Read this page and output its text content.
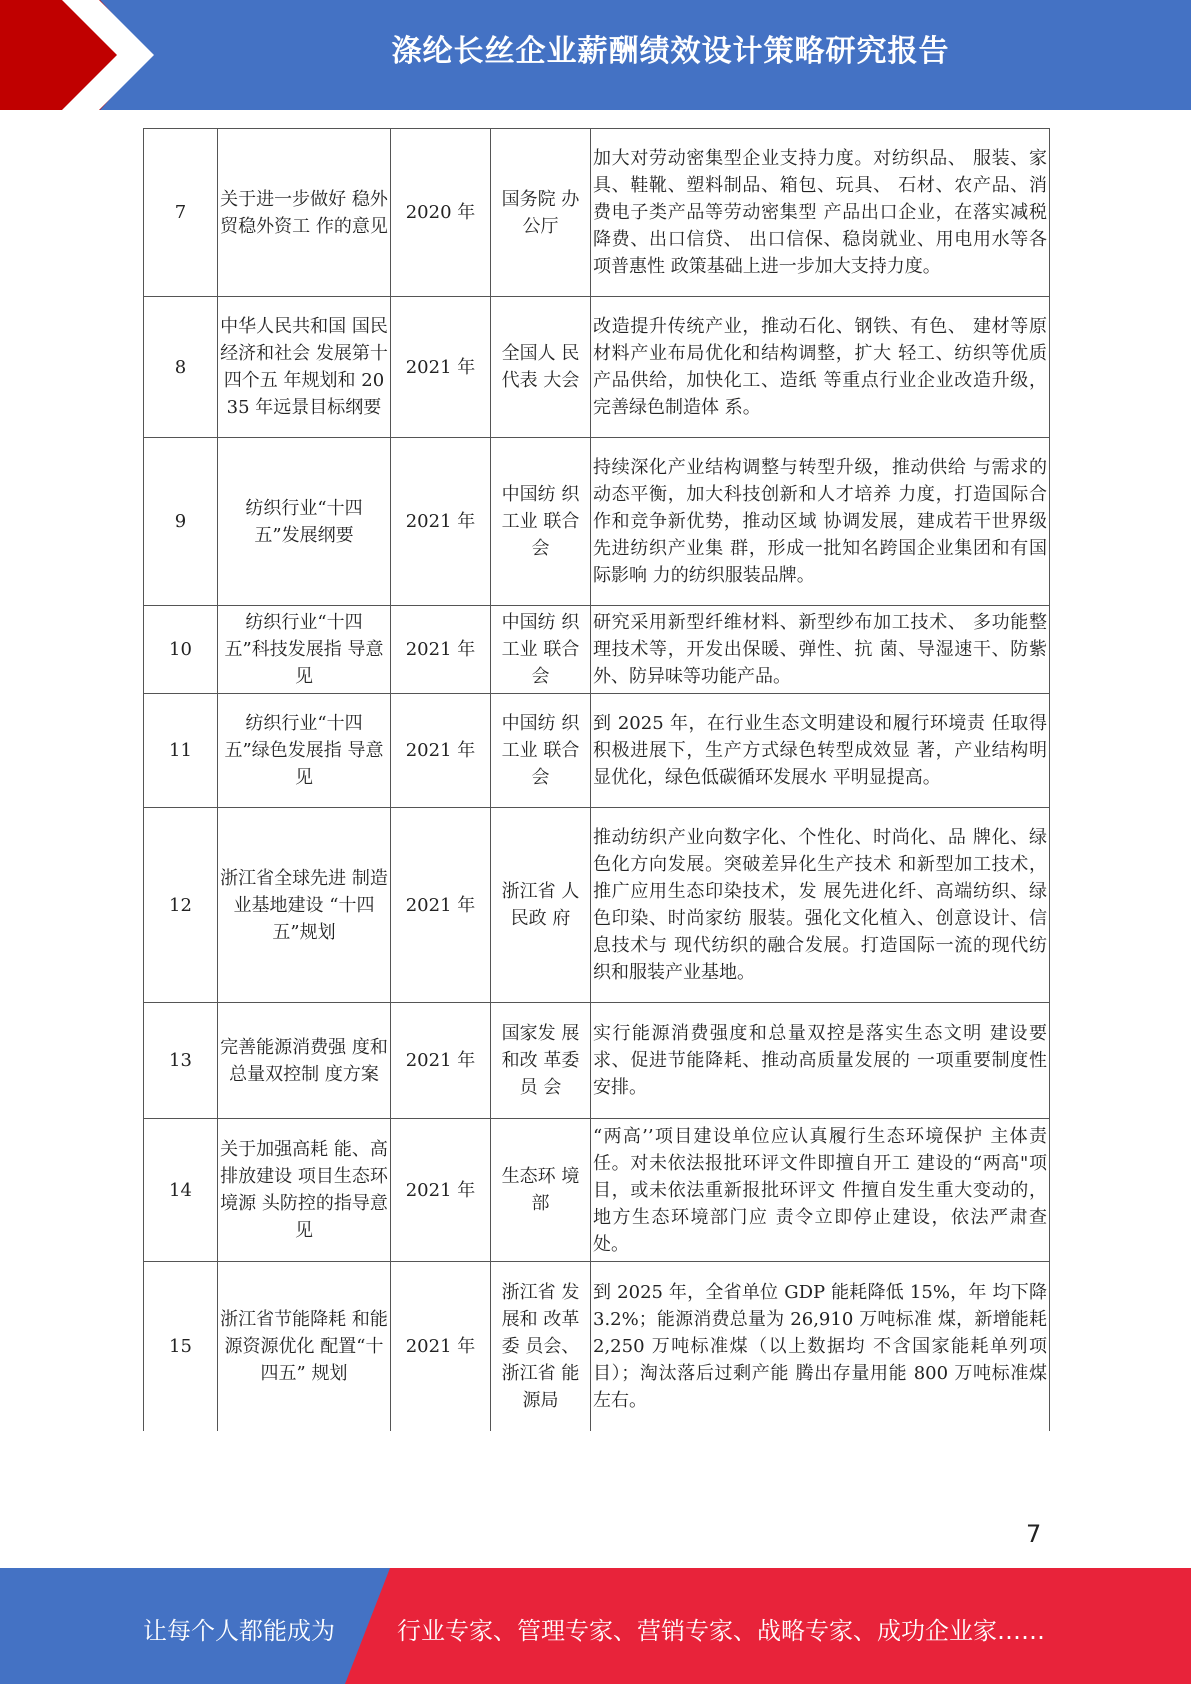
涤纶长丝企业薪酬绩效设计策略研究报告
7	关于进一步做好 稳外贸稳外资工 作的意见	2020 年	国务院 办公厅	加大对劳动密集型企业支持力度。对纺织品、 服装、家具、鞋靴、塑料制品、箱包、玩具、 石材、农产品、消费电子类产品等劳动密集型 产品出口企业，在落实减税降费、出口信贷、 出口信保、稳岗就业、用电用水等各项普惠性 政策基础上进一步加大支持力度。
8	中华人民共和国 国民经济和社会 发展第十四个五 年规划和 2035 年远景目标纲要	2021 年	全国人 民代表 大会	改造提升传统产业，推动石化、钢铁、有色、 建材等原材料产业布局优化和结构调整，扩大 轻工、纺织等优质产品供给，加快化工、造纸 等重点行业企业改造升级，完善绿色制造体 系。
9	纺织行业“十四 五”发展纲要	2021 年	中国纺 织工业 联合会	持续深化产业结构调整与转型升级，推动供给 与需求的动态平衡，加大科技创新和人才培养 力度，打造国际合作和竞争新优势，推动区域 协调发展，建成若干世界级先进纺织产业集 群，形成一批知名跨国企业集团和有国际影响 力的纺织服装品牌。
10	纺织行业“十四 五”科技发展指 导意见	2021 年	中国纺 织工业 联合会	研究采用新型纤维材料、新型纱布加工技术、 多功能整理技术等，开发出保暖、弹性、抗 菌、导湿速干、防紫外、防异味等功能产品。
11	纺织行业“十四 五”绿色发展指 导意见	2021 年	中国纺 织工业 联合会	到 2025 年，在行业生态文明建设和履行环境责 任取得积极进展下，生产方式绿色转型成效显 著，产业结构明显优化，绿色低碳循环发展水 平明显提高。
12	浙江省全球先进 制造业基地建设 “十四五”规划	2021 年	浙江省 人民政 府	推动纺织产业向数字化、个性化、时尚化、品 牌化、绿色化方向发展。突破差异化生产技术 和新型加工技术，推广应用生态印染技术，发 展先进化纤、高端纺织、绿色印染、时尚家纺 服装。强化文化植入、创意设计、信息技术与 现代纺织的融合发展。打造国际一流的现代纺 织和服装产业基地。
13	完善能源消费强 度和总量双控制 度方案	2021 年	国家发 展和改 革委员 会	实行能源消费强度和总量双控是落实生态文明 建设要求、促进节能降耗、推动高质量发展的 一项重要制度性安排。
14	关于加强高耗 能、高排放建设 项目生态环境源 头防控的指导意 见	2021 年	生态环 境部	“两高’’项目建设单位应认真履行生态环境保护 主体责任。对未依法报批环评文件即擅自开工 建设的“两高"项目，或未依法重新报批环评文 件擅自发生重大变动的，地方生态环境部门应 责令立即停止建设，依法严肃查处。
15	浙江省节能降耗 和能源资源优化 配置“十四五” 规划	2021 年	浙江省 发展和 改革委 员会、 浙江省 能源局	到 2025 年，全省单位 GDP 能耗降低 15%，年 均下降 3.2%；能源消费总量为 26,910 万吨标准 煤，新增能耗 2,250 万吨标准煤（以上数据均 不含国家能耗单列项目）；淘汰落后过剩产能 腾出存量用能 800 万吨标准煤左右。
7
让每个人都能成为	行业专家、管理专家、营销专家、战略专家、成功企业家……
